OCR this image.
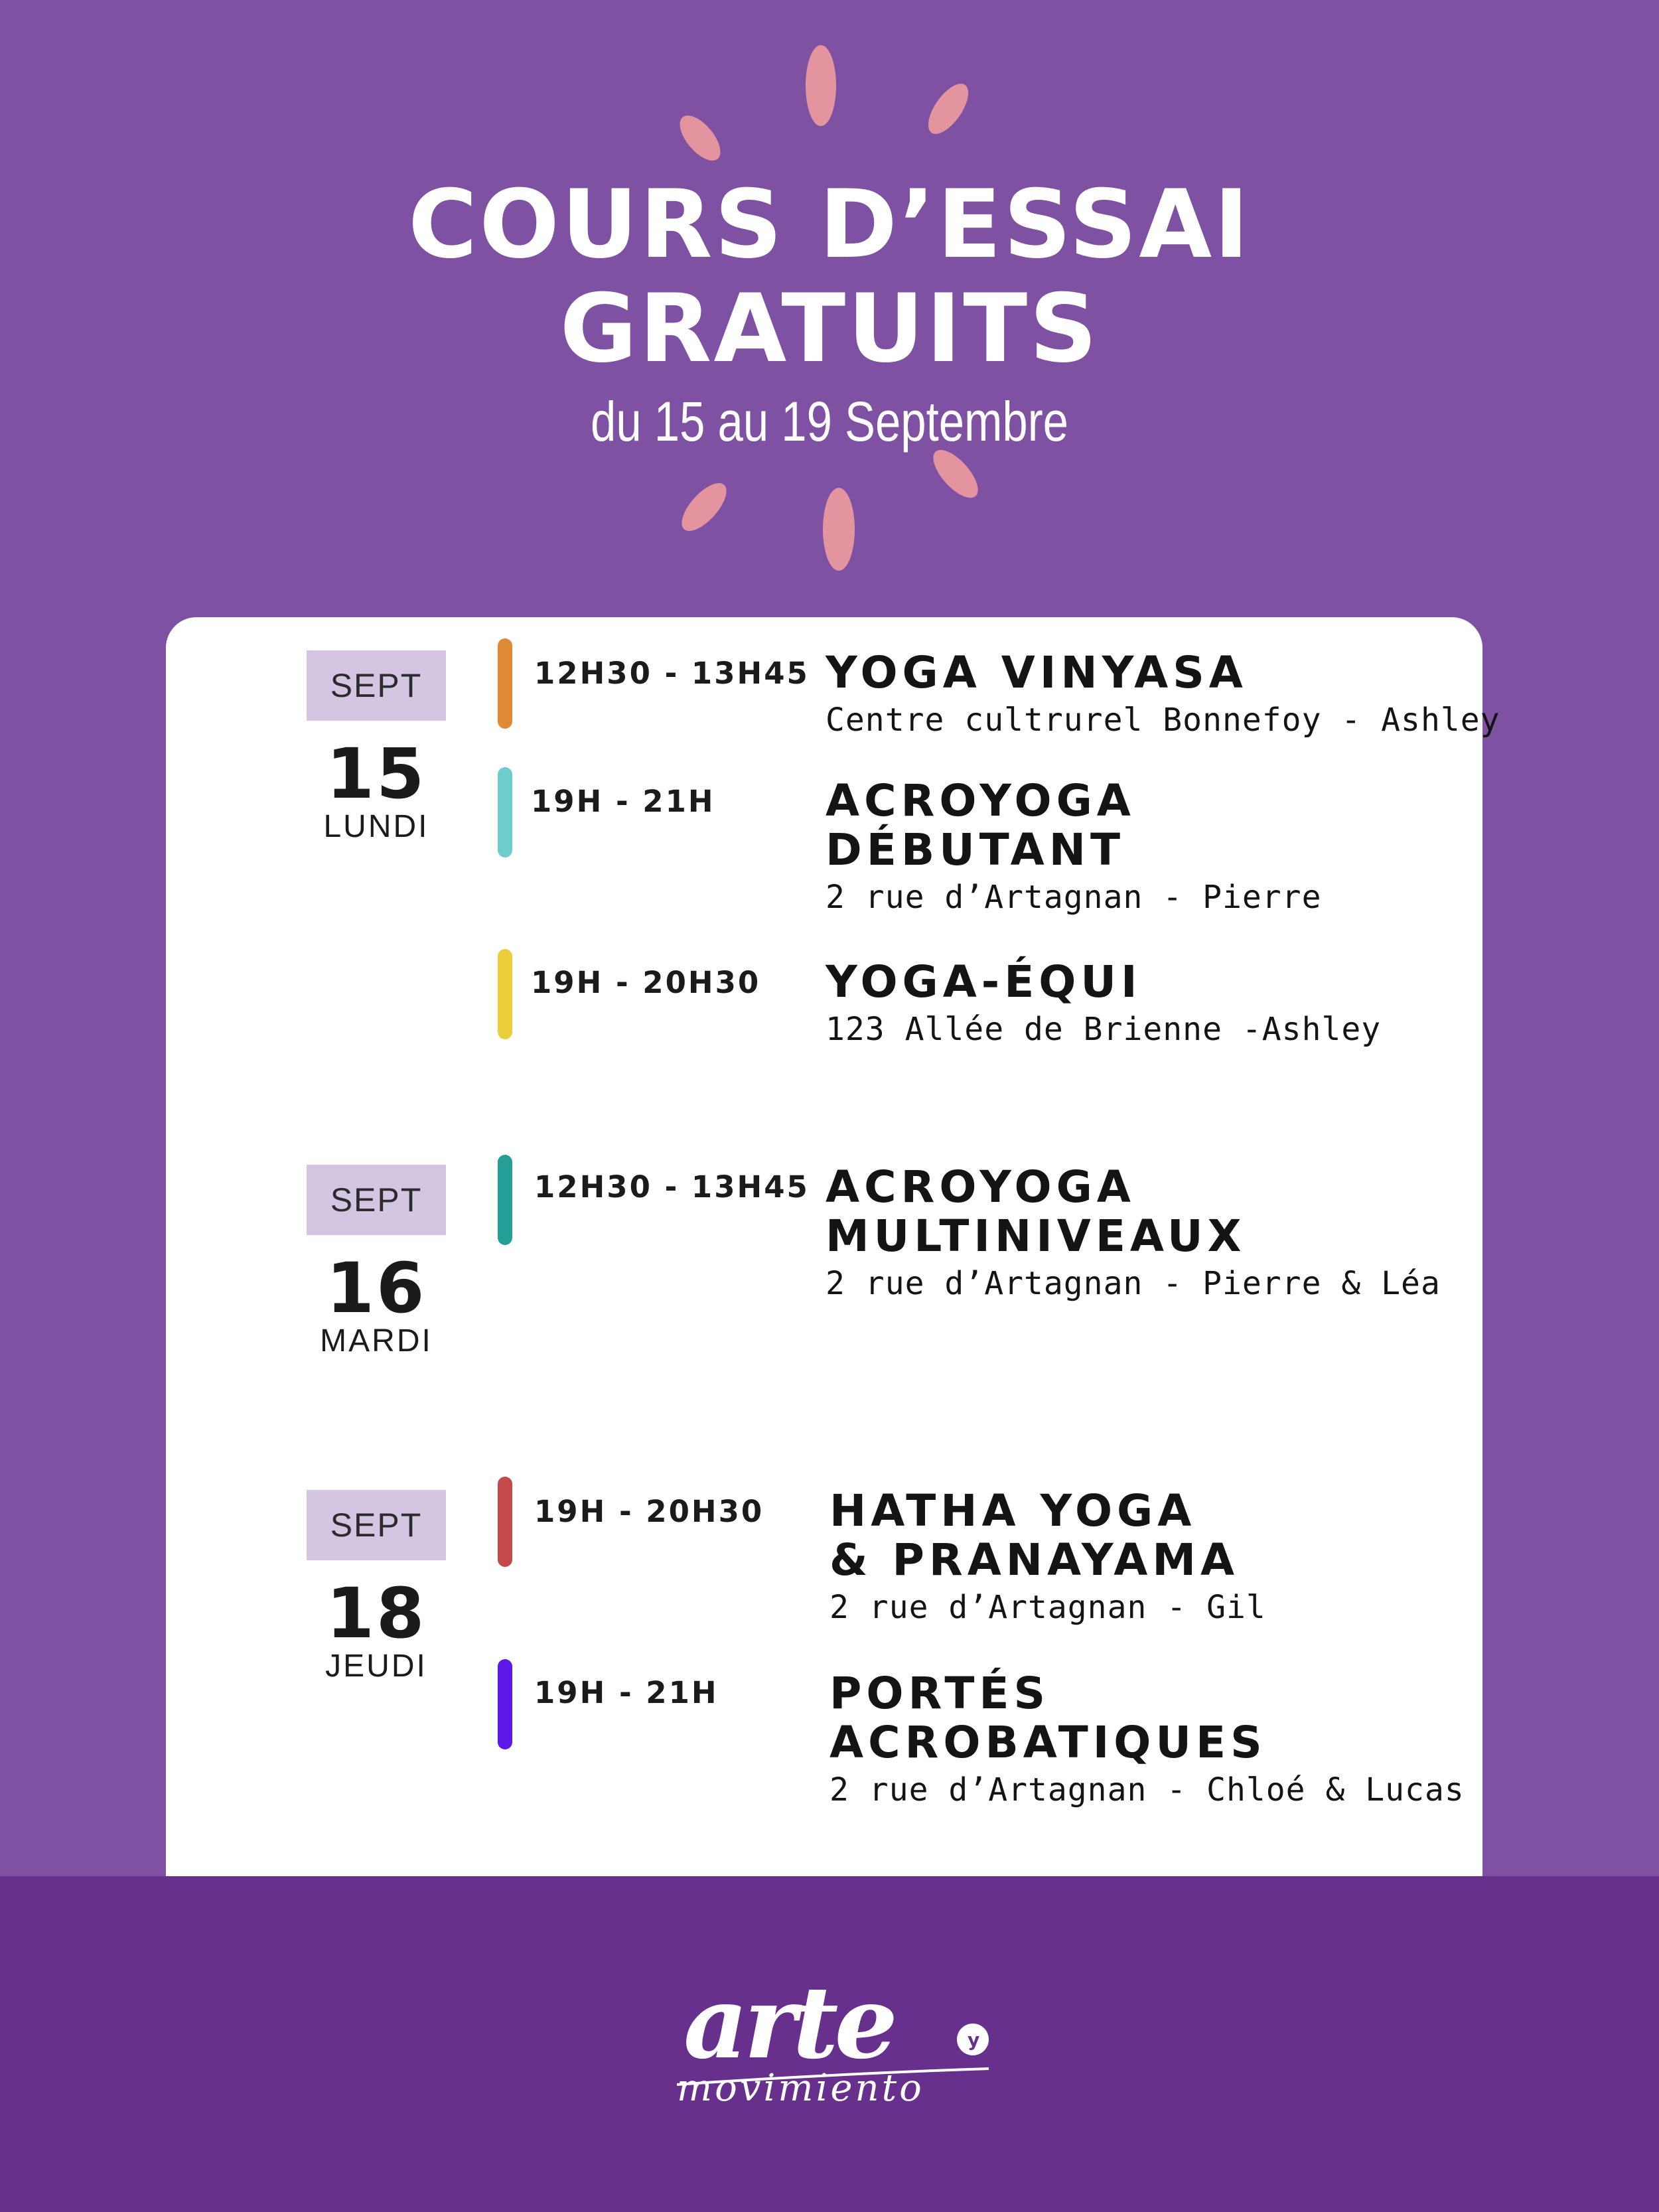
COURS D’ESSAI
GRATUITS
du 15 au 19 Septembre
SEPT
15
LUNDI
12H30 - 13H45 YOGA VINYASA
Centre cultrurel Bonnefoy - Ashley
19H - 21H	ACROYOGA
DÉBUTANT
2 rue d’Artagnan - Pierre
19H - 20H30 YOGA-ÉQUI
123 Allée de Brienne -Ashley
SEPT
16
MARDI
12H30 - 13H45 ACROYOGA
MULTINIVEAUX
2 rue d’Artagnan - Pierre & Léa
SEPT
18
JEUDI
19H - 20H30 HATHA YOGA
& PRANAYAMA
2 rue d’Artagnan - Gil
19H - 21H	PORTÉS
ACROBATIQUES
2 rue d’Artagnan - Chloé & Lucas
arte	y
movimiento
